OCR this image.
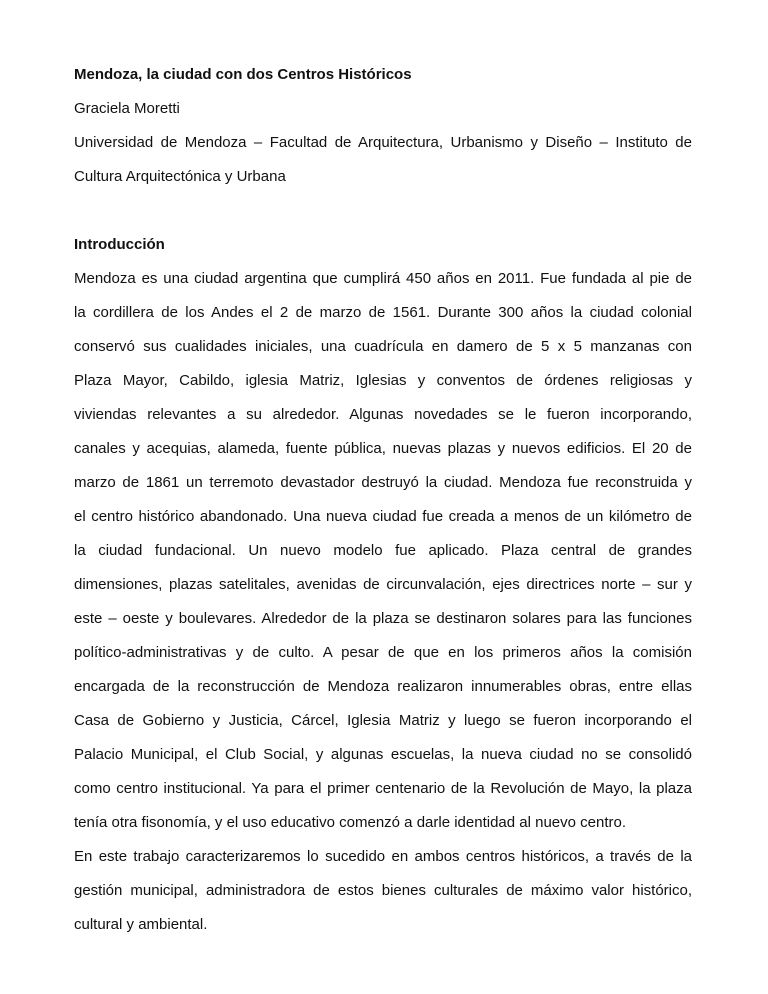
Mendoza, la ciudad con dos Centros Históricos
Graciela Moretti
Universidad de Mendoza – Facultad de Arquitectura, Urbanismo y Diseño – Instituto de
Cultura Arquitectónica y Urbana
Introducción
Mendoza es una ciudad argentina que cumplirá 450 años en 2011. Fue fundada al pie de
la cordillera de los Andes el 2 de marzo de 1561. Durante 300 años la ciudad colonial
conservó sus cualidades iniciales, una cuadrícula en damero de 5 x 5 manzanas con
Plaza Mayor, Cabildo, iglesia Matriz, Iglesias y conventos de órdenes religiosas y
viviendas relevantes a su alrededor. Algunas novedades se le fueron incorporando,
canales y acequias, alameda, fuente pública, nuevas plazas y nuevos edificios. El 20 de
marzo de 1861 un terremoto devastador destruyó la ciudad. Mendoza fue reconstruida y
el centro histórico abandonado. Una nueva ciudad fue creada a menos de un kilómetro de
la ciudad fundacional. Un nuevo modelo fue aplicado. Plaza central de grandes
dimensiones, plazas satelitales, avenidas de circunvalación, ejes directrices norte – sur y
este – oeste y boulevares. Alrededor de la plaza se destinaron solares para las funciones
político-administrativas y de culto. A pesar de que en los primeros años la comisión
encargada de la reconstrucción de Mendoza realizaron innumerables obras, entre ellas
Casa de Gobierno y Justicia, Cárcel, Iglesia Matriz y luego se fueron incorporando el
Palacio Municipal, el Club Social, y algunas escuelas, la nueva ciudad no se consolidó
como centro institucional. Ya para el primer centenario de la Revolución de Mayo, la plaza
tenía otra fisonomía, y el uso educativo comenzó a darle identidad al nuevo centro.
En este trabajo caracterizaremos lo sucedido en ambos centros históricos, a través de la
gestión municipal, administradora de estos bienes culturales de máximo valor histórico,
cultural y ambiental.
